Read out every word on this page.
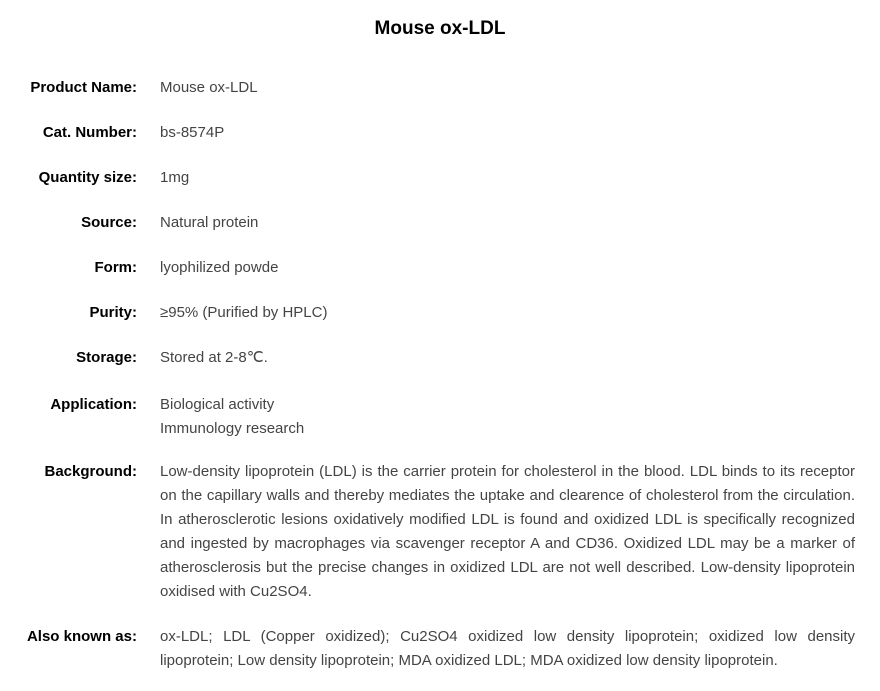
Mouse ox-LDL
Product Name: Mouse ox-LDL
Cat. Number: bs-8574P
Quantity size: 1mg
Source: Natural protein
Form: lyophilized powde
Purity: ≥95% (Purified by HPLC)
Storage: Stored at 2-8℃.
Application: Biological activity
Immunology research
Background: Low-density lipoprotein (LDL) is the carrier protein for cholesterol in the blood. LDL binds to its receptor on the capillary walls and thereby mediates the uptake and clearence of cholesterol from the circulation. In atherosclerotic lesions oxidatively modified LDL is found and oxidized LDL is specifically recognized and ingested by macrophages via scavenger receptor A and CD36. Oxidized LDL may be a marker of atherosclerosis but the precise changes in oxidized LDL are not well described. Low-density lipoprotein oxidised with Cu2SO4.
Also known as: ox-LDL; LDL (Copper oxidized); Cu2SO4 oxidized low density lipoprotein; oxidized low density lipoprotein; Low density lipoprotein; MDA oxidized LDL; MDA oxidized low density lipoprotein.
